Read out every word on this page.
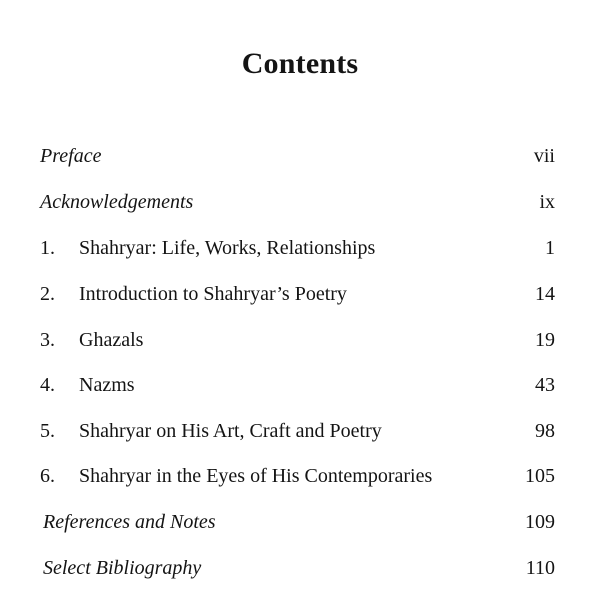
Contents
Preface	vii
Acknowledgements	ix
1. Shahryar: Life, Works, Relationships	1
2. Introduction to Shahryar’s Poetry	14
3. Ghazals	19
4. Nazms	43
5. Shahryar on His Art, Craft and Poetry	98
6. Shahryar in the Eyes of His Contemporaries	105
References and Notes	109
Select Bibliography	110
